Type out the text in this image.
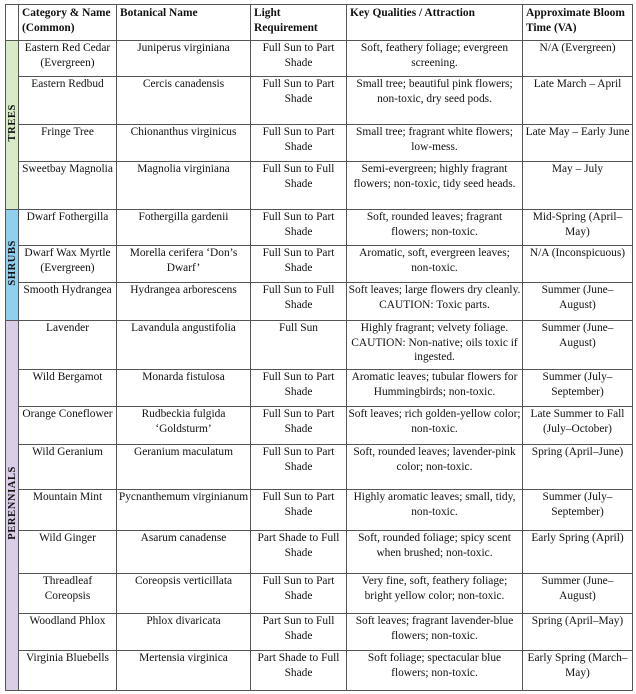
	Category & Name (Common)	Botanical Name	Light Requirement	Key Qualities / Attraction	Approximate Bloom Time (VA)
TREES	Eastern Red Cedar (Evergreen)	Juniperus virginiana	Full Sun to Part Shade	Soft, feathery foliage; evergreen screening.	N/A (Evergreen)
	Eastern Redbud	Cercis canadensis	Full Sun to Part Shade	Small tree; beautiful pink flowers; non-toxic, dry seed pods.	Late March – April
	Fringe Tree	Chionanthus virginicus	Full Sun to Part Shade	Small tree; fragrant white flowers; low-mess.	Late May – Early June
	Sweetbay Magnolia	Magnolia virginiana	Full Sun to Full Shade	Semi-evergreen; highly fragrant flowers; non-toxic, tidy seed heads.	May – July
SHRUBS	Dwarf Fothergilla	Fothergilla gardenii	Full Sun to Part Shade	Soft, rounded leaves; fragrant flowers; non-toxic.	Mid-Spring (April–May)
	Dwarf Wax Myrtle (Evergreen)	Morella cerifera ‘Don’s Dwarf’	Full Sun to Part Shade	Aromatic, soft, evergreen leaves; non-toxic.	N/A (Inconspicuous)
	Smooth Hydrangea	Hydrangea arborescens	Full Sun to Full Shade	Soft leaves; large flowers dry cleanly. CAUTION: Toxic parts.	Summer (June–August)
PERENNIALS	Lavender	Lavandula angustifolia	Full Sun	Highly fragrant; velvety foliage. CAUTION: Non-native; oils toxic if ingested.	Summer (June–August)
	Wild Bergamot	Monarda fistulosa	Full Sun to Part Shade	Aromatic leaves; tubular flowers for Hummingbirds; non-toxic.	Summer (July–September)
	Orange Coneflower	Rudbeckia fulgida ‘Goldsturm’	Full Sun to Part Shade	Soft leaves; rich golden-yellow color; non-toxic.	Late Summer to Fall (July–October)
	Wild Geranium	Geranium maculatum	Full Sun to Part Shade	Soft, rounded leaves; lavender-pink color; non-toxic.	Spring (April–June)
	Mountain Mint	Pycnanthemum virginianum	Full Sun to Part Shade	Highly aromatic leaves; small, tidy, non-toxic.	Summer (July–September)
	Wild Ginger	Asarum canadense	Part Shade to Full Shade	Soft, rounded foliage; spicy scent when brushed; non-toxic.	Early Spring (April)
	Threadleaf Coreopsis	Coreopsis verticillata	Full Sun to Part Shade	Very fine, soft, feathery foliage; bright yellow color; non-toxic.	Summer (June–August)
	Woodland Phlox	Phlox divaricata	Part Sun to Full Shade	Soft leaves; fragrant lavender-blue flowers; non-toxic.	Spring (April–May)
	Virginia Bluebells	Mertensia virginica	Part Shade to Full Shade	Soft foliage; spectacular blue flowers; non-toxic.	Early Spring (March–May)
